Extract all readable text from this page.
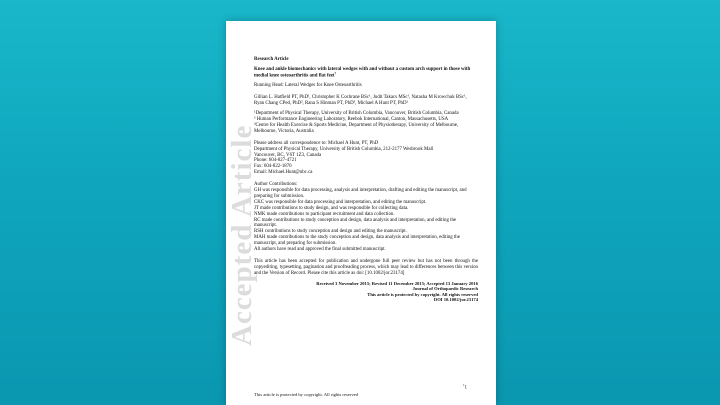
Accepted Article
Research Article
Knee and ankle biomechanics with lateral wedges with and without a custom arch support in those with medial knee osteoarthritis and flat feet†
Running Head: Lateral Wedges for Knee Osteoarthritis
Gillian L. Hatfield PT, PhD¹, Christopher K Cochrane BSc¹, Judit Takacs MSc¹, Natasha M Krowchuk BSc¹, Ryan Chang CPed, PhD², Rana S Hinman PT, PhD³, Michael A Hunt PT, PhD¹
¹Department of Physical Therapy, University of British Columbia, Vancouver, British Columbia, Canada
² Human Performance Engineering Laboratory, Reebok International, Canton, Massachusetts, USA
³Centre for Health Exercise & Sports Medicine, Department of Physiotherapy, University of Melbourne, Melbourne, Victoria, Australia
Please address all correspondence to: Michael A Hunt, PT, PhD
Department of Physical Therapy, University of British Columbia, 212-2177 Wesbrook Mall
Vancouver, BC, V6T 1Z3, Canada
Phone: 604-827-4721
Fax: 604-822-1870
Email: Michael.Hunt@ubc.ca
Author Contributions:
GH was responsible for data processing, analysis and interpretation, drafting and editing the manuscript, and preparing for submission.
CKC was responsible for data processing and interpretation, and editing the manuscript.
JT made contributions to study design, and was responsible for collecting data.
NMK made contributions to participant recruitment and data collection.
RC made contributions to study conception and design, data analysis and interpretation, and editing the manuscript.
RSH contributions to study conception and design and editing the manuscript.
MAH made contributions to the study conception and design, data analysis and interpretation, editing the manuscript, and preparing for submission.
All authors have read and approved the final submitted manuscript.
This article has been accepted for publication and undergone full peer review but has not been through the copyediting, typesetting, pagination and proofreading process, which may lead to differences between this version and the Version of Record. Please cite this article as doi: [10.1002/jor.23174]
Received 3 November 2015; Revised 11 December 2015; Accepted 13 January 2016
Journal of Orthopaedic Research
This article is protected by copyright. All rights reserved
DOI 10.1002/jor.23174
†1
This article is protected by copyright. All rights reserved
